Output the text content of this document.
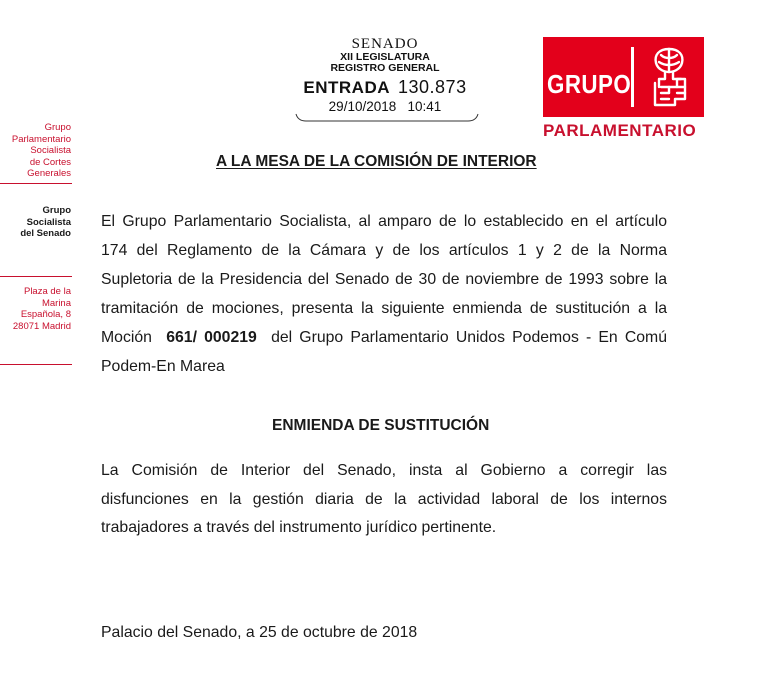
Grupo
Parlamentario
Socialista
de Cortes
Generales
Grupo
Socialista
del Senado
Plaza de la
Marina Española, 8
28071 Madrid
SENADO
XII LEGISLATURA
REGISTRO GENERAL
ENTRADA 130.873
29/10/2018 10:41
GRUPO
PARLAMENTARIO
A LA MESA DE LA COMISIÓN DE INTERIOR
El Grupo Parlamentario Socialista, al amparo de lo establecido en el artículo
174 del Reglamento de la Cámara y de los artículos 1 y 2 de la Norma
Supletoria de la Presidencia del Senado de 30 de noviembre de 1993 sobre la
tramitación de mociones, presenta la siguiente enmienda de sustitución a la
Moción 661/ 000219 del Grupo Parlamentario Unidos Podemos - En Comú
Podem-En Marea
ENMIENDA DE SUSTITUCIÓN
La Comisión de Interior del Senado, insta al Gobierno a corregir las
disfunciones en la gestión diaria de la actividad laboral de los internos
trabajadores a través del instrumento jurídico pertinente.
Palacio del Senado, a 25 de octubre de 2018
